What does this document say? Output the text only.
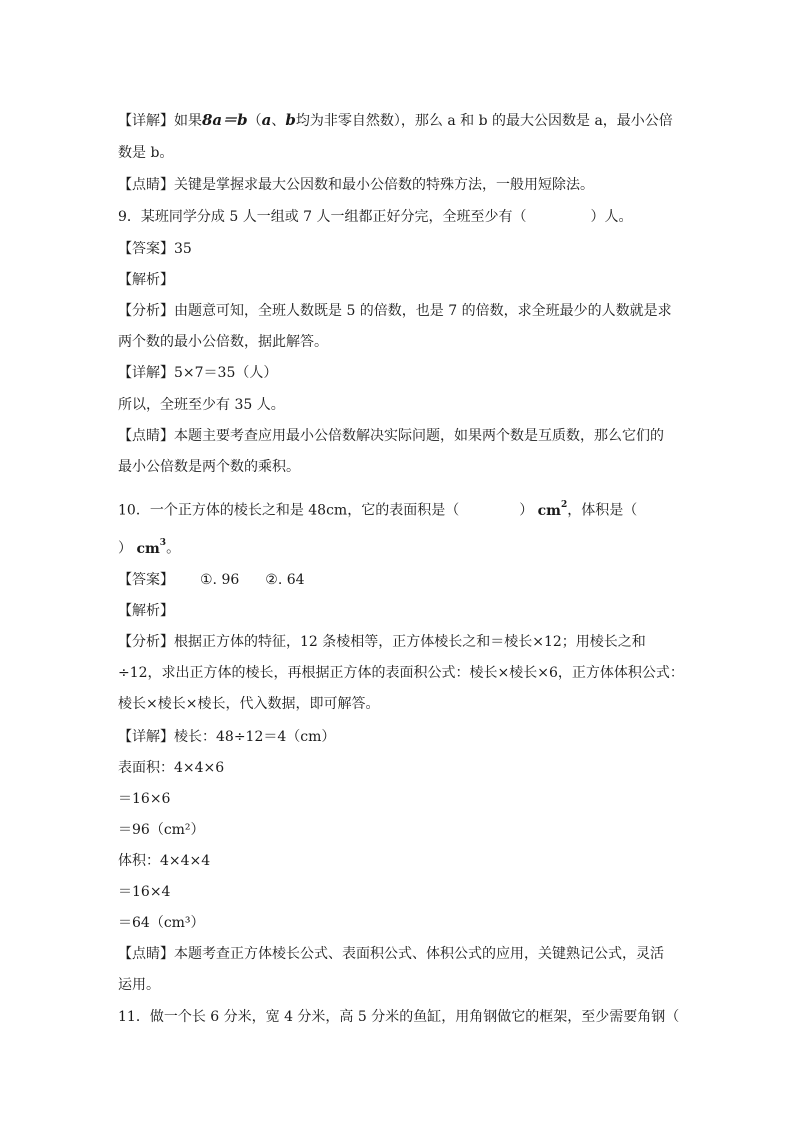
【详解】如果8a＝b（a、b均为非零自然数），那么 a 和 b 的最大公因数是 a，最小公倍
数是 b。
【点睛】关键是掌握求最大公因数和最小公倍数的特殊方法，一般用短除法。
9．某班同学分成 5 人一组或 7 人一组都正好分完，全班至少有（	）人。
【答案】35
【解析】
【分析】由题意可知，全班人数既是 5 的倍数，也是 7 的倍数，求全班最少的人数就是求
两个数的最小公倍数，据此解答。
【详解】5×7＝35（人）
所以，全班至少有 35 人。
【点睛】本题主要考查应用最小公倍数解决实际问题，如果两个数是互质数，那么它们的
最小公倍数是两个数的乘积。
10．一个正方体的棱长之和是 48cm，它的表面积是（	） $cm^2$，体积是（
） $cm^3$。
【答案】 ①. 96 ②. 64
【解析】
【分析】根据正方体的特征，12 条棱相等，正方体棱长之和＝棱长×12；用棱长之和
÷12，求出正方体的棱长，再根据正方体的表面积公式：棱长×棱长×6，正方体体积公式：
棱长×棱长×棱长，代入数据，即可解答。
【详解】棱长：48÷12＝4（cm）
表面积：4×4×6
＝16×6
＝96（cm²）
体积：4×4×4
＝16×4
＝64（cm³）
【点睛】本题考查正方体棱长公式、表面积公式、体积公式的应用，关键熟记公式，灵活
运用。
11．做一个长 6 分米，宽 4 分米，高 5 分米的鱼缸，用角钢做它的框架，至少需要角钢（
